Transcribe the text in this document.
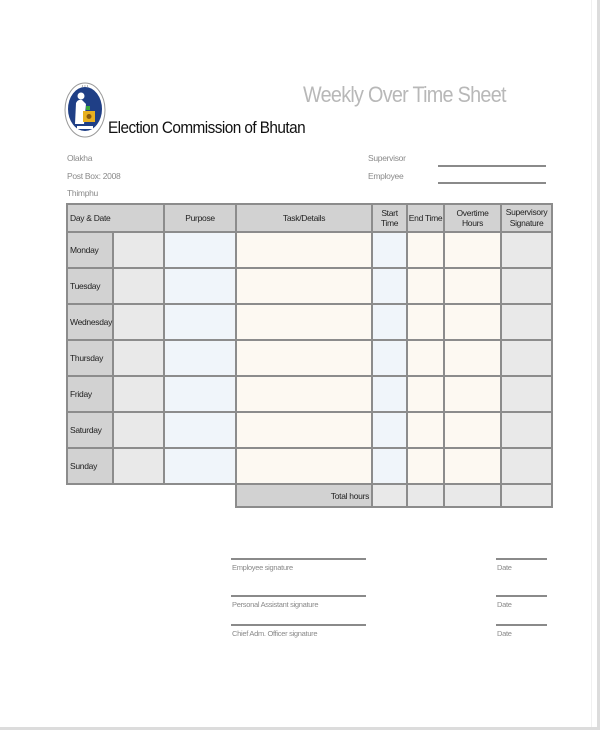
• • •
Election Commission of Bhutan
Weekly Over Time Sheet
Olakha
Post Box: 2008
Thimphu
Supervisor
Employee
Day & Date		Purpose	Task/Details	Start Time	End Time	Overtime Hours	Supervisory Signature
Monday							
Tuesday							
Wednesday							
Thursday							
Friday							
Saturday							
Sunday							
			Total hours				
Employee signature	Date
Personal Assistant signature	Date
Chief Adm. Officer signature	Date
